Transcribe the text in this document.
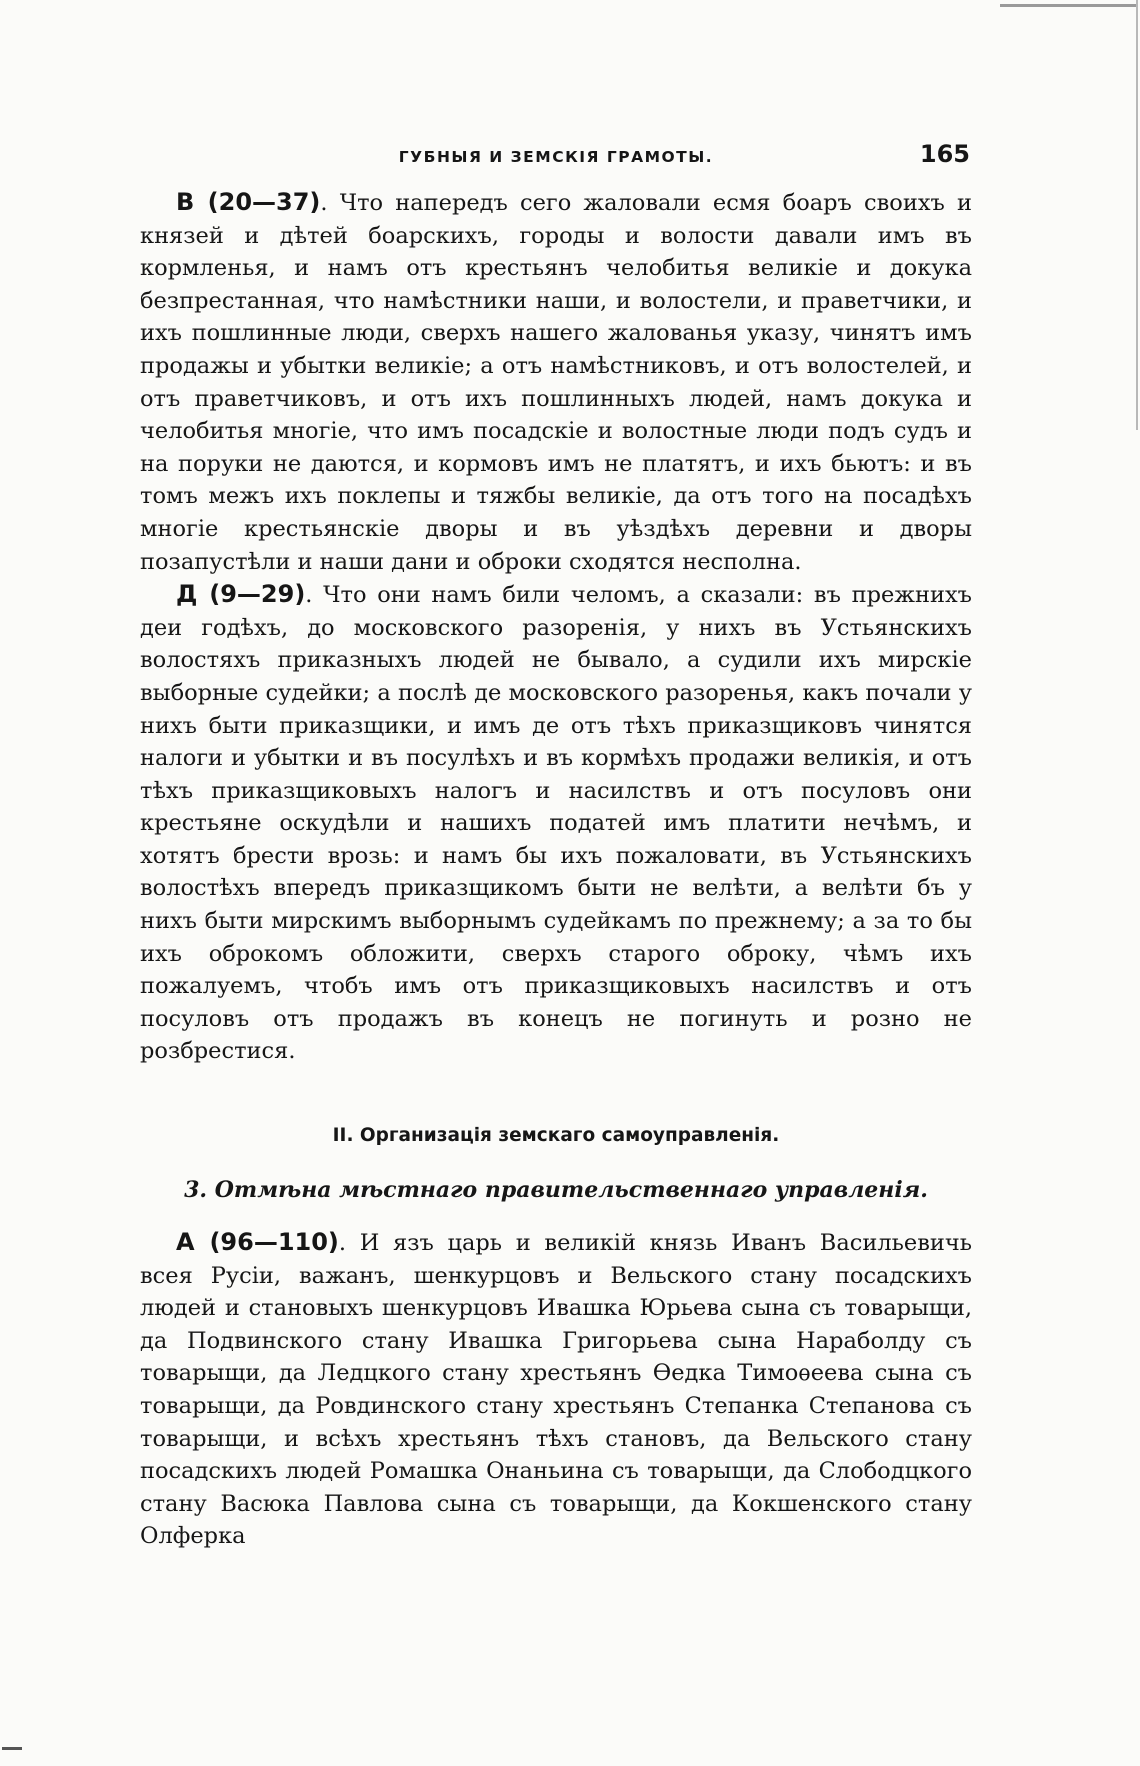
ГУБНЫЯ И ЗЕМСКІЯ ГРАМОТЫ.	165

В (20—37). Что напередъ сего жаловали есмя боаръ своихъ и князей и дѣтей боарскихъ, городы и волости давали имъ въ кормленья, и намъ отъ крестьянъ челобитья великіе и докука безпрестанная, что намѣстники наши, и волостели, и праветчики, и ихъ пошлинные люди, сверхъ нашего жалованья указу, чинятъ имъ продажы и убытки великіе; а отъ намѣстниковъ, и отъ волостелей, и отъ праветчиковъ, и отъ ихъ пошлинныхъ людей, намъ докука и челобитья многіе, что имъ посадскіе и волостные люди подъ судъ и на поруки не даются, и кормовъ имъ не платятъ, и ихъ бьютъ: и въ томъ межъ ихъ поклепы и тяжбы великіе, да отъ того на посадѣхъ многіе крестьянскіе дворы и въ уѣздѣхъ деревни и дворы позапустѣли и наши дани и оброки сходятся несполна.

Д (9—29). Что они намъ били челомъ, а сказали: въ прежнихъ деи годѣхъ, до московского разоренія, у нихъ въ Устьянскихъ волостяхъ приказныхъ людей не бывало, а судили ихъ мирскіе выборные судейки; а послѣ де московского разоренья, какъ почали у нихъ быти приказщики, и имъ де отъ тѣхъ приказщиковъ чинятся налоги и убытки и въ посулѣхъ и въ кормѣхъ продажи великія, и отъ тѣхъ приказщиковыхъ налогъ и насилствъ и отъ посуловъ они крестьяне оскудѣли и нашихъ податей имъ платити нечѣмъ, и хотятъ брести врозь: и намъ бы ихъ пожаловати, въ Устьянскихъ волостѣхъ впередъ приказщикомъ быти не велѣти, а велѣти бъ у нихъ быти мирскимъ выборнымъ судейкамъ по прежнему; а за то бы ихъ оброкомъ обложити, сверхъ старого оброку, чѣмъ ихъ пожалуемъ, чтобъ имъ отъ приказщиковыхъ насилствъ и отъ посуловъ отъ продажъ въ конецъ не погинуть и розно не розбрестися.

II. Организація земскаго самоуправленія.
3. Отмѣна мѣстнаго правительственнаго управленія.

А (96—110). И язъ царь и великій князь Иванъ Васильевичь всея Русіи, важанъ, шенкурцовъ и Вельского стану посадскихъ людей и становыхъ шенкурцовъ Ивашка Юрьева сына съ товарыщи, да Подвинского стану Ивашка Григорьева сына Нараболду съ товарыщи, да Ледцкого стану хрестьянъ Ѳедка Тимоѳеева сына съ товарыщи, да Ровдинского стану хрестьянъ Степанка Степанова съ товарыщи, и всѣхъ хрестьянъ тѣхъ становъ, да Вельского стану посадскихъ людей Ромашка Онаньина съ товарыщи, да Слободцкого стану Васюка Павлова сына съ товарыщи, да Кокшенского стану Олферка
